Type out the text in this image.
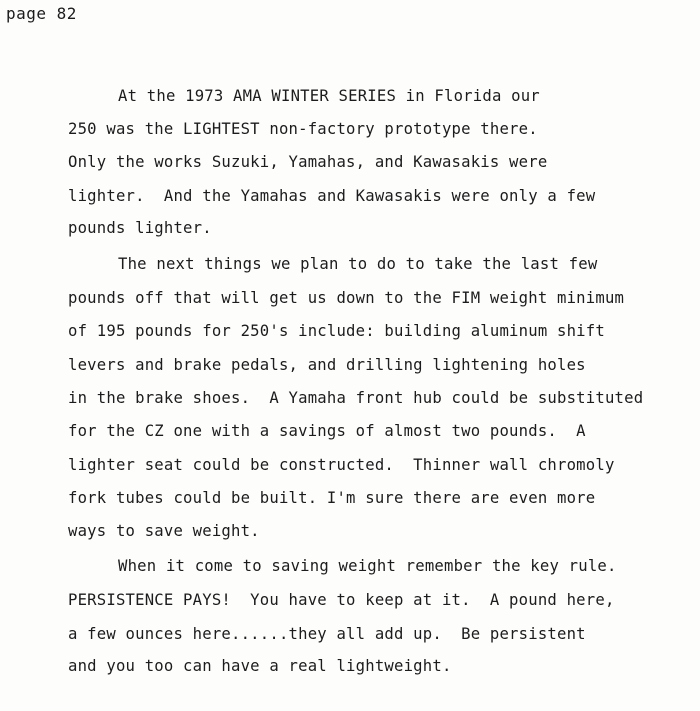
page 82
At the 1973 AMA WINTER SERIES in Florida our
250 was the LIGHTEST non-factory prototype there.
Only the works Suzuki, Yamahas, and Kawasakis were
lighter.  And the Yamahas and Kawasakis were only a few
pounds lighter.
The next things we plan to do to take the last few
pounds off that will get us down to the FIM weight minimum
of 195 pounds for 250's include: building aluminum shift
levers and brake pedals, and drilling lightening holes
in the brake shoes.  A Yamaha front hub could be substituted
for the CZ one with a savings of almost two pounds.  A
lighter seat could be constructed.  Thinner wall chromoly
fork tubes could be built. I'm sure there are even more
ways to save weight.
When it come to saving weight remember the key rule.
PERSISTENCE PAYS!  You have to keep at it.  A pound here,
a few ounces here......they all add up.  Be persistent
and you too can have a real lightweight.
